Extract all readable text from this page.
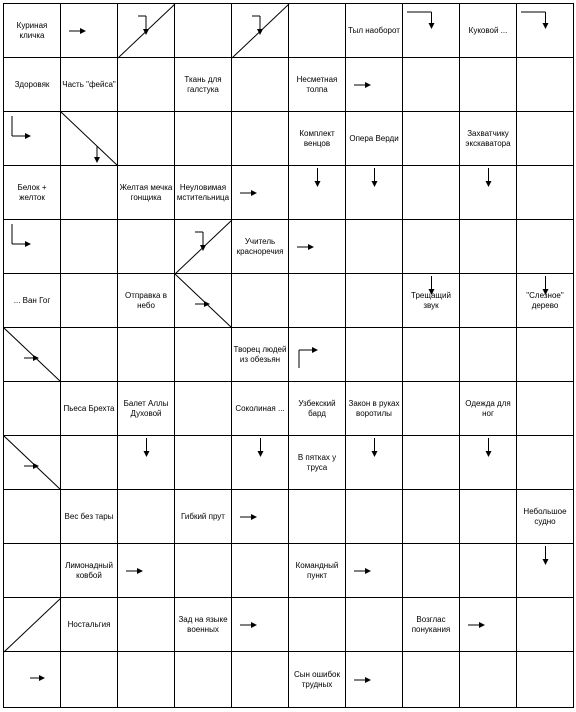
Куриная кличка
Тыл наоборот	Куковой ...
Здоровяк	Часть "фейса"
Ткань для галстука
Несметная толпа
Комплект венцов
Опера Верди
Захватчику экскаватора
Белок + желток
Желтая мечка гонщика
Неуловимая мстительница
Учитель красноречия
... Ван Гог
Отправка в небо
Трещащий звук
"Слезное" дерево
Творец людей из обезьян
Пьеса Брехта
Балет Аллы Духовой
Соколиная ...
Узбекский бард
Закон в руках воротилы
Одежда для ног
В пятках у труса
Вес без тары	Гибкий прут
Небольшое судно
Лимонадный ковбой
Командный пункт
Ностальгия
Зад на языке военных
Возглас понукания
Сын ошибок трудных
